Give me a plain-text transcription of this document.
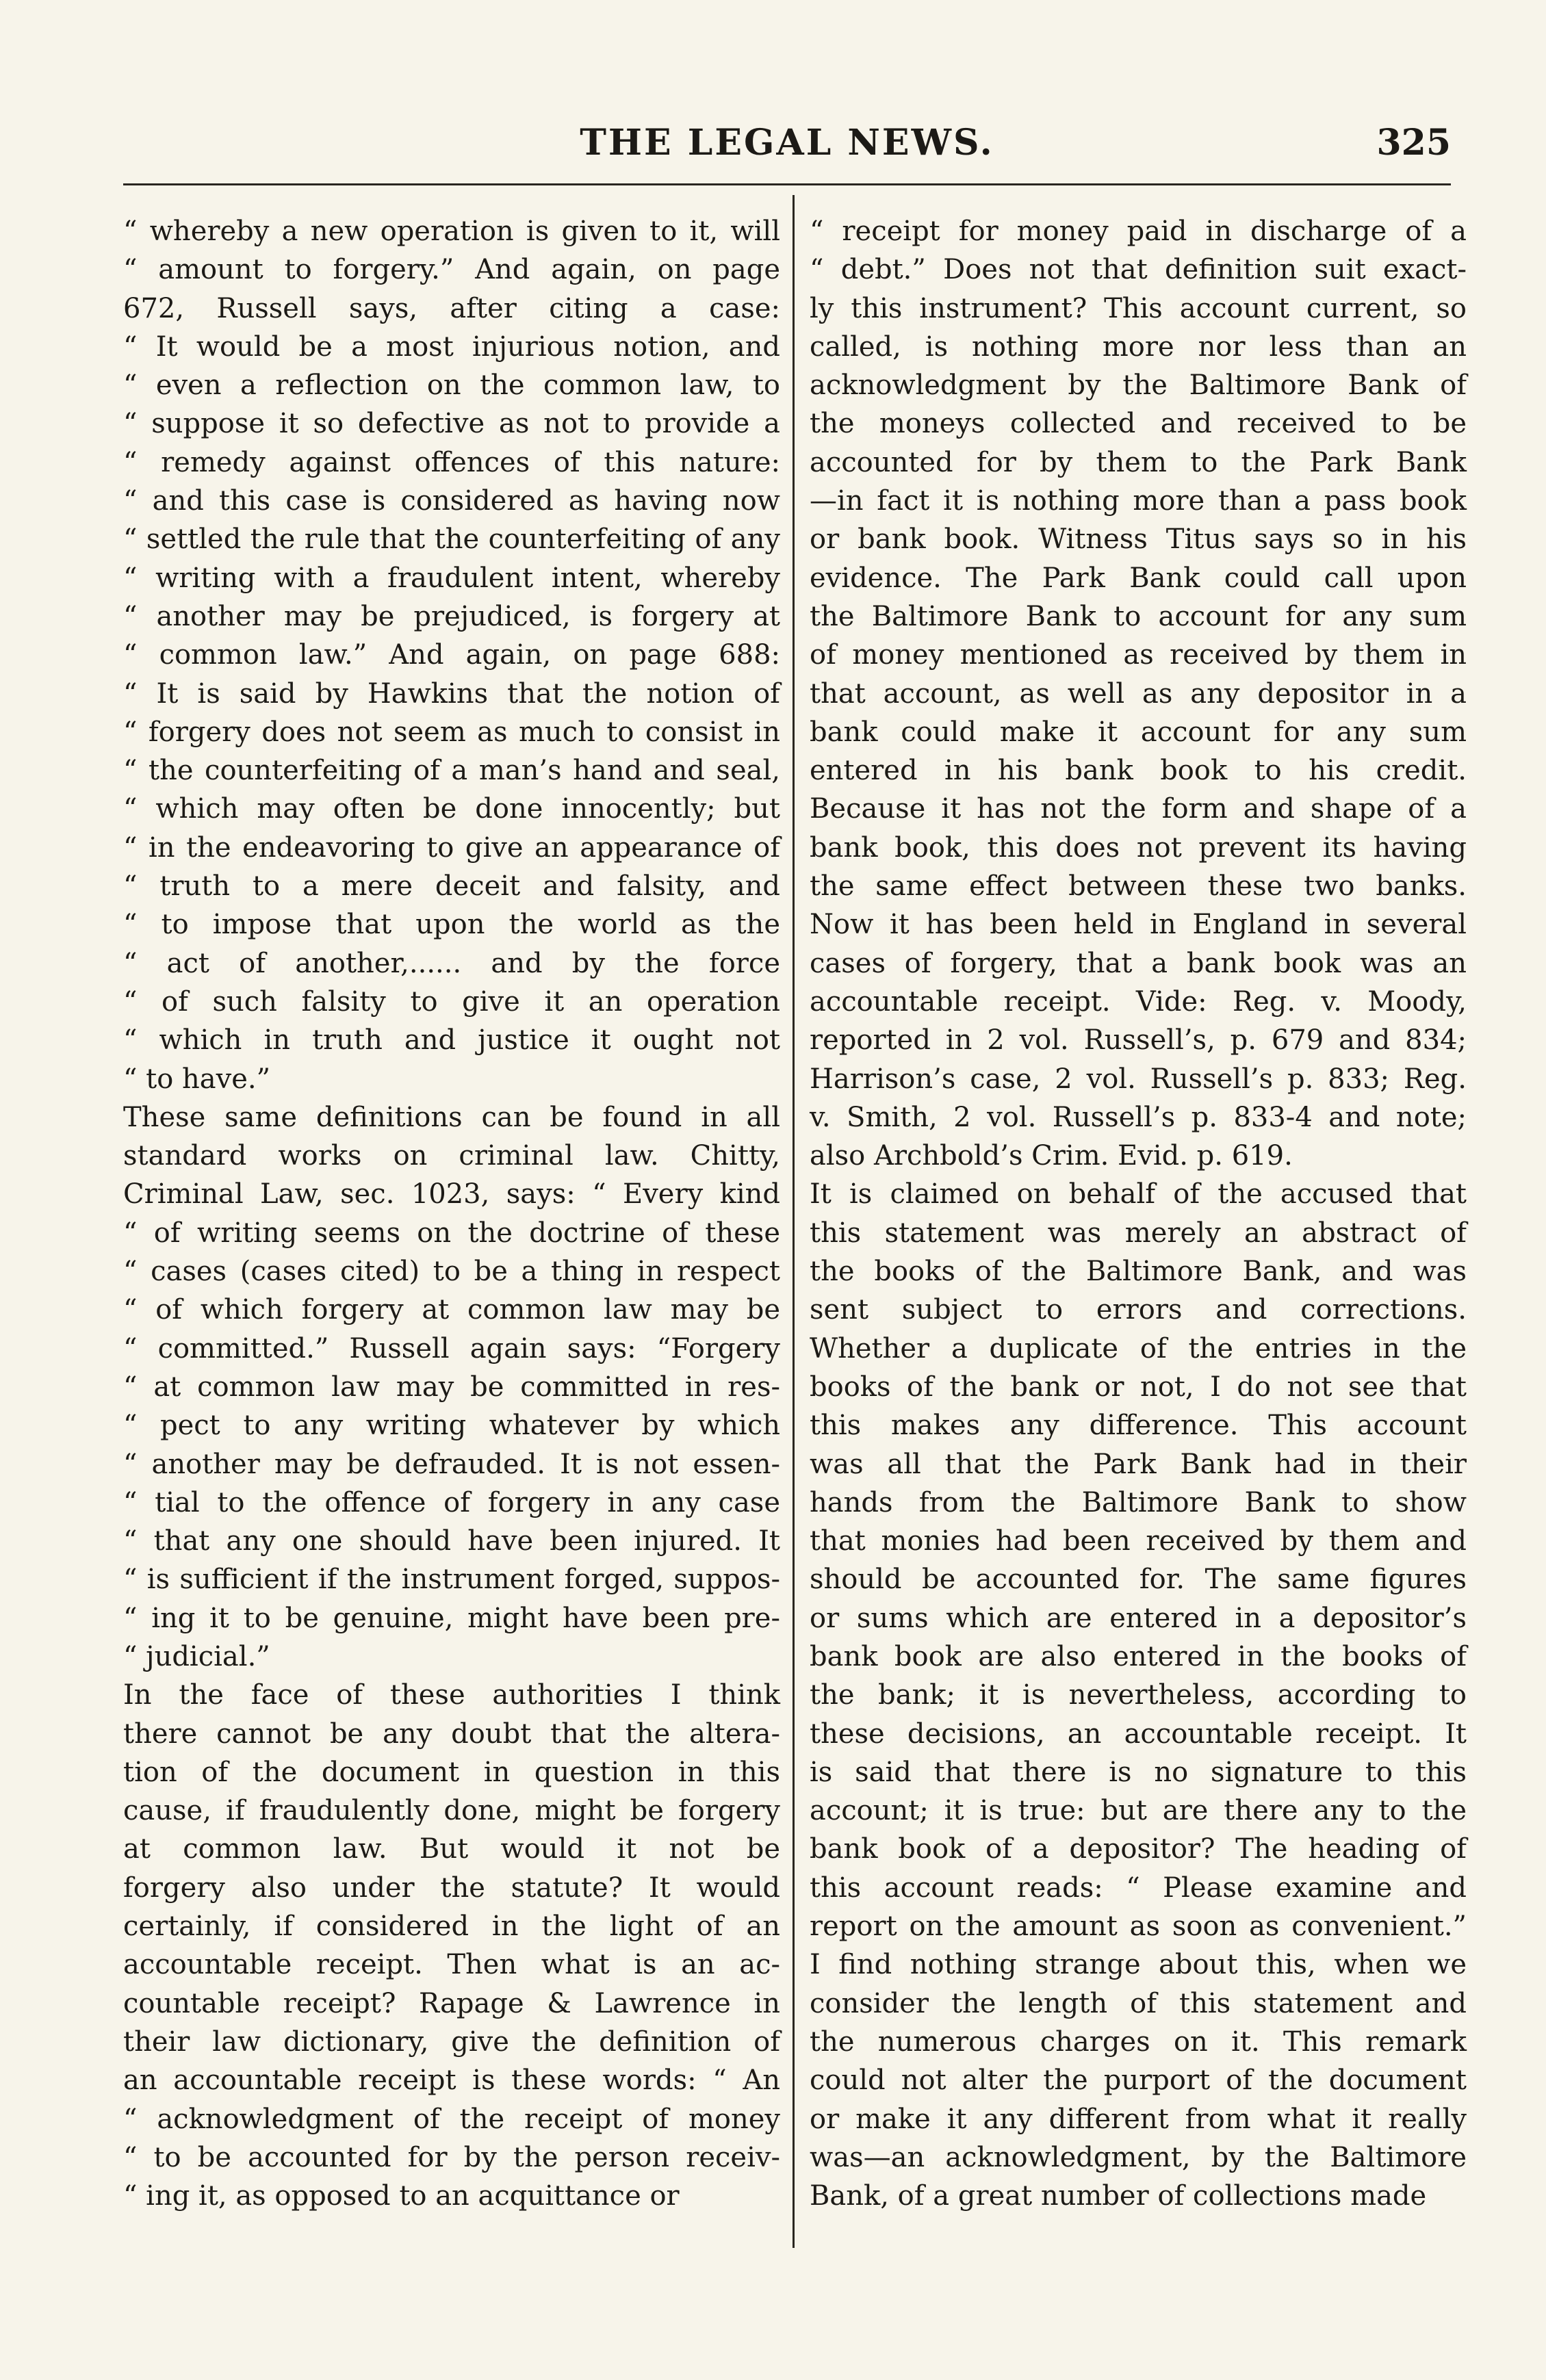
THE LEGAL NEWS.	325
“ whereby a new operation is given to it, will
“ amount to forgery.” And again, on page
672, Russell says, after citing a case:
“ It would be a most injurious notion, and
“ even a reflection on the common law, to
“ suppose it so defective as not to provide a
“ remedy against offences of this nature:
“ and this case is considered as having now
“ settled the rule that the counterfeiting of any
“ writing with a fraudulent intent, whereby
“ another may be prejudiced, is forgery at
“ common law.” And again, on page 688:
“ It is said by Hawkins that the notion of
“ forgery does not seem as much to consist in
“ the counterfeiting of a man’s hand and seal,
“ which may often be done innocently; but
“ in the endeavoring to give an appearance of
“ truth to a mere deceit and falsity, and
“ to impose that upon the world as the
“ act of another,...... and by the force
“ of such falsity to give it an operation
“ which in truth and justice it ought not
“ to have.”
These same definitions can be found in all
standard works on criminal law. Chitty,
Criminal Law, sec. 1023, says: “ Every kind
“ of writing seems on the doctrine of these
“ cases (cases cited) to be a thing in respect
“ of which forgery at common law may be
“ committed.” Russell again says: “Forgery
“ at common law may be committed in res-
“ pect to any writing whatever by which
“ another may be defrauded. It is not essen-
“ tial to the offence of forgery in any case
“ that any one should have been injured. It
“ is sufficient if the instrument forged, suppos-
“ ing it to be genuine, might have been pre-
“ judicial.”
In the face of these authorities I think
there cannot be any doubt that the altera-
tion of the document in question in this
cause, if fraudulently done, might be forgery
at common law. But would it not be
forgery also under the statute? It would
certainly, if considered in the light of an
accountable receipt. Then what is an ac-
countable receipt? Rapage & Lawrence in
their law dictionary, give the definition of
an accountable receipt is these words: “ An
“ acknowledgment of the receipt of money
“ to be accounted for by the person receiv-
“ ing it, as opposed to an acquittance or
“ receipt for money paid in discharge of a
“ debt.” Does not that definition suit exact-
ly this instrument? This account current, so
called, is nothing more nor less than an
acknowledgment by the Baltimore Bank of
the moneys collected and received to be
accounted for by them to the Park Bank
—in fact it is nothing more than a pass book
or bank book. Witness Titus says so in his
evidence. The Park Bank could call upon
the Baltimore Bank to account for any sum
of money mentioned as received by them in
that account, as well as any depositor in a
bank could make it account for any sum
entered in his bank book to his credit.
Because it has not the form and shape of a
bank book, this does not prevent its having
the same effect between these two banks.
Now it has been held in England in several
cases of forgery, that a bank book was an
accountable receipt. Vide: Reg. v. Moody,
reported in 2 vol. Russell’s, p. 679 and 834;
Harrison’s case, 2 vol. Russell’s p. 833; Reg.
v. Smith, 2 vol. Russell’s p. 833-4 and note;
also Archbold’s Crim. Evid. p. 619.
It is claimed on behalf of the accused that
this statement was merely an abstract of
the books of the Baltimore Bank, and was
sent subject to errors and corrections.
Whether a duplicate of the entries in the
books of the bank or not, I do not see that
this makes any difference. This account
was all that the Park Bank had in their
hands from the Baltimore Bank to show
that monies had been received by them and
should be accounted for. The same figures
or sums which are entered in a depositor’s
bank book are also entered in the books of
the bank; it is nevertheless, according to
these decisions, an accountable receipt. It
is said that there is no signature to this
account; it is true: but are there any to the
bank book of a depositor? The heading of
this account reads: “ Please examine and
report on the amount as soon as convenient.”
I find nothing strange about this, when we
consider the length of this statement and
the numerous charges on it. This remark
could not alter the purport of the document
or make it any different from what it really
was—an acknowledgment, by the Baltimore
Bank, of a great number of collections made
